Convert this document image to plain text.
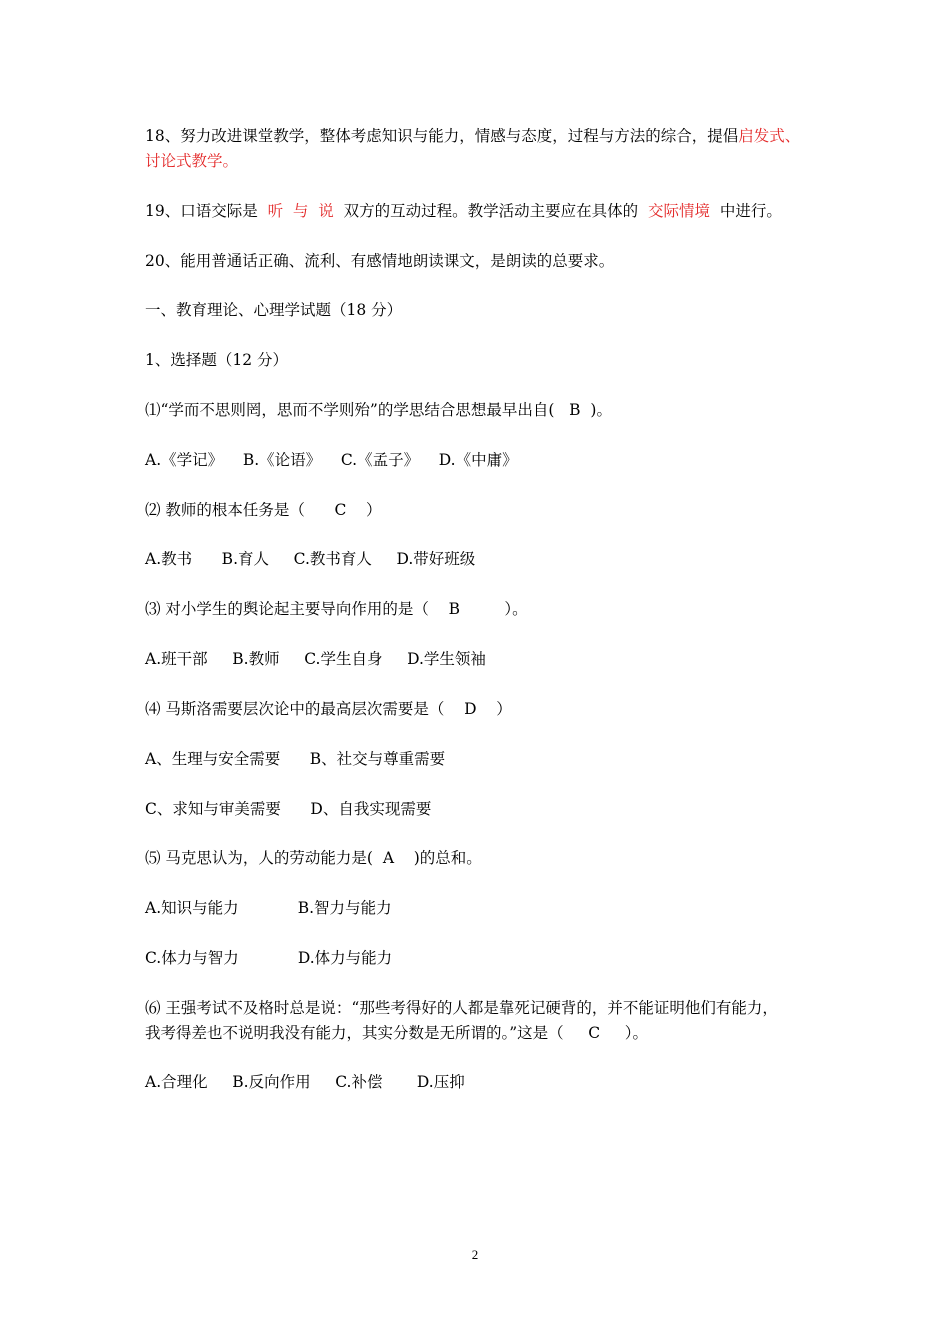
18、努力改进课堂教学，整体考虑知识与能力，情感与态度，过程与方法的综合，提倡启发式、

讨论式教学。

19、口语交际是  听  与  说  双方的互动过程。教学活动主要应在具体的  交际情境  中进行。

20、能用普通话正确、流利、有感情地朗读课文，是朗读的总要求。

一、教育理论、心理学试题（18 分）

1、选择题（12 分）

⑴“学而不思则罔，思而不学则殆”的学思结合思想最早出自(   B  )。

A.《学记》    B.《论语》    C.《孟子》    D.《中庸》

⑵ 教师的根本任务是（      C    ）

A.教书      B.育人     C.教书育人     D.带好班级

⑶ 对小学生的舆论起主要导向作用的是（    B         ）。

A.班干部     B.教师     C.学生自身     D.学生领袖

⑷ 马斯洛需要层次论中的最高层次需要是（    D    ）

A、生理与安全需要      B、社交与尊重需要

C、求知与审美需要      D、自我实现需要

⑸ 马克思认为，人的劳动能力是(  A    )的总和。

A.知识与能力            B.智力与能力

C.体力与智力            D.体力与能力

⑹ 王强考试不及格时总是说：“那些考得好的人都是靠死记硬背的，并不能证明他们有能力，

我考得差也不说明我没有能力，其实分数是无所谓的。”这是（     C     ）。

A.合理化     B.反向作用     C.补偿       D.压抑

2
